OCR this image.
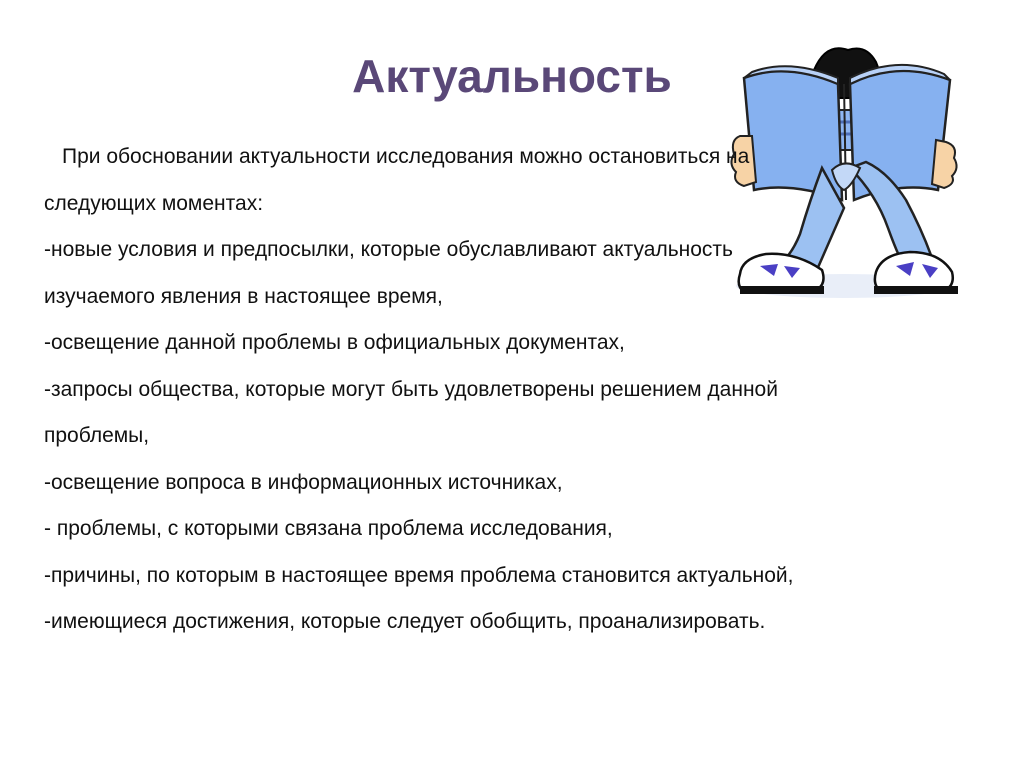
Актуальность
При обосновании актуальности исследования можно остановиться на
следующих моментах:
-новые условия и предпосылки, которые обуславливают актуальность
изучаемого явления в настоящее время,
-освещение данной проблемы в официальных документах,
-запросы общества, которые могут быть удовлетворены решением данной
проблемы,
-освещение вопроса в информационных источниках,
- проблемы, с которыми связана проблема исследования,
-причины, по которым в настоящее время проблема становится актуальной,
-имеющиеся достижения, которые следует обобщить, проанализировать.
